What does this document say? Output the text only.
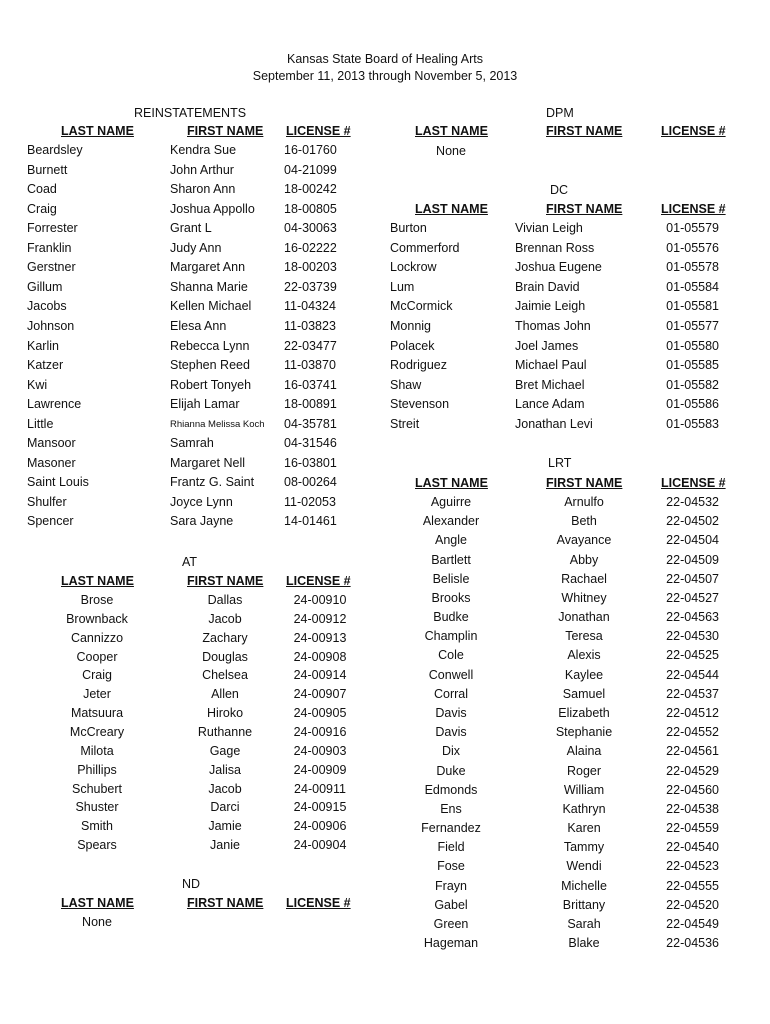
Kansas State Board of Healing Arts
September 11, 2013 through November 5, 2013
REINSTATEMENTS
LAST NAME	FIRST NAME LICENSE #
Beardsley	Kendra Sue	16-01760
Burnett	John Arthur	04-21099
Coad	Sharon Ann	18-00242
Craig	Joshua Appollo 18-00805
Forrester	Grant L	04-30063
Franklin	Judy Ann	16-02222
Gerstner	Margaret Ann	18-00203
Gillum	Shanna Marie	22-03739
Jacobs	Kellen Michael	11-04324
Johnson	Elesa Ann	11-03823
Karlin	Rebecca Lynn	22-03477
Katzer	Stephen Reed	11-03870
Kwi	Robert Tonyeh	16-03741
Lawrence	Elijah Lamar	18-00891
Little	Rhianna Melissa Koch 04-35781
Mansoor	Samrah	04-31546
Masoner	Margaret Nell	16-03801
Saint Louis	Frantz G. Saint 08-00264
Shulfer	Joyce Lynn	11-02053
Spencer	Sara Jayne	14-01461
AT
LAST NAME	FIRST NAME LICENSE #
Brose	Dallas	24-00910
Brownback	Jacob	24-00912
Cannizzo	Zachary	24-00913
Cooper	Douglas	24-00908
Craig	Chelsea	24-00914
Jeter	Allen	24-00907
Matsuura	Hiroko	24-00905
McCreary	Ruthanne	24-00916
Milota	Gage	24-00903
Phillips	Jalisa	24-00909
Schubert	Jacob	24-00911
Shuster	Darci	24-00915
Smith	Jamie	24-00906
Spears	Janie	24-00904
ND
LAST NAME	FIRST NAME LICENSE #
None
DPM
LAST NAME	FIRST NAME	LICENSE #
None
DC
LAST NAME	FIRST NAME	LICENSE #
Burton	Vivian Leigh	01-05579
Commerford	Brennan Ross	01-05576
Lockrow	Joshua Eugene	01-05578
Lum	Brain David	01-05584
McCormick	Jaimie Leigh	01-05581
Monnig	Thomas John	01-05577
Polacek	Joel James	01-05580
Rodriguez	Michael Paul	01-05585
Shaw	Bret Michael	01-05582
Stevenson	Lance Adam	01-05586
Streit	Jonathan Levi	01-05583
LRT
LAST NAME	FIRST NAME	LICENSE #
Aguirre	Arnulfo	22-04532
Alexander	Beth	22-04502
Angle	Avayance	22-04504
Bartlett	Abby	22-04509
Belisle	Rachael	22-04507
Brooks	Whitney	22-04527
Budke	Jonathan	22-04563
Champlin	Teresa	22-04530
Cole	Alexis	22-04525
Conwell	Kaylee	22-04544
Corral	Samuel	22-04537
Davis	Elizabeth	22-04512
Davis	Stephanie	22-04552
Dix	Alaina	22-04561
Duke	Roger	22-04529
Edmonds	William	22-04560
Ens	Kathryn	22-04538
Fernandez	Karen	22-04559
Field	Tammy	22-04540
Fose	Wendi	22-04523
Frayn	Michelle	22-04555
Gabel	Brittany	22-04520
Green	Sarah	22-04549
Hageman	Blake	22-04536
